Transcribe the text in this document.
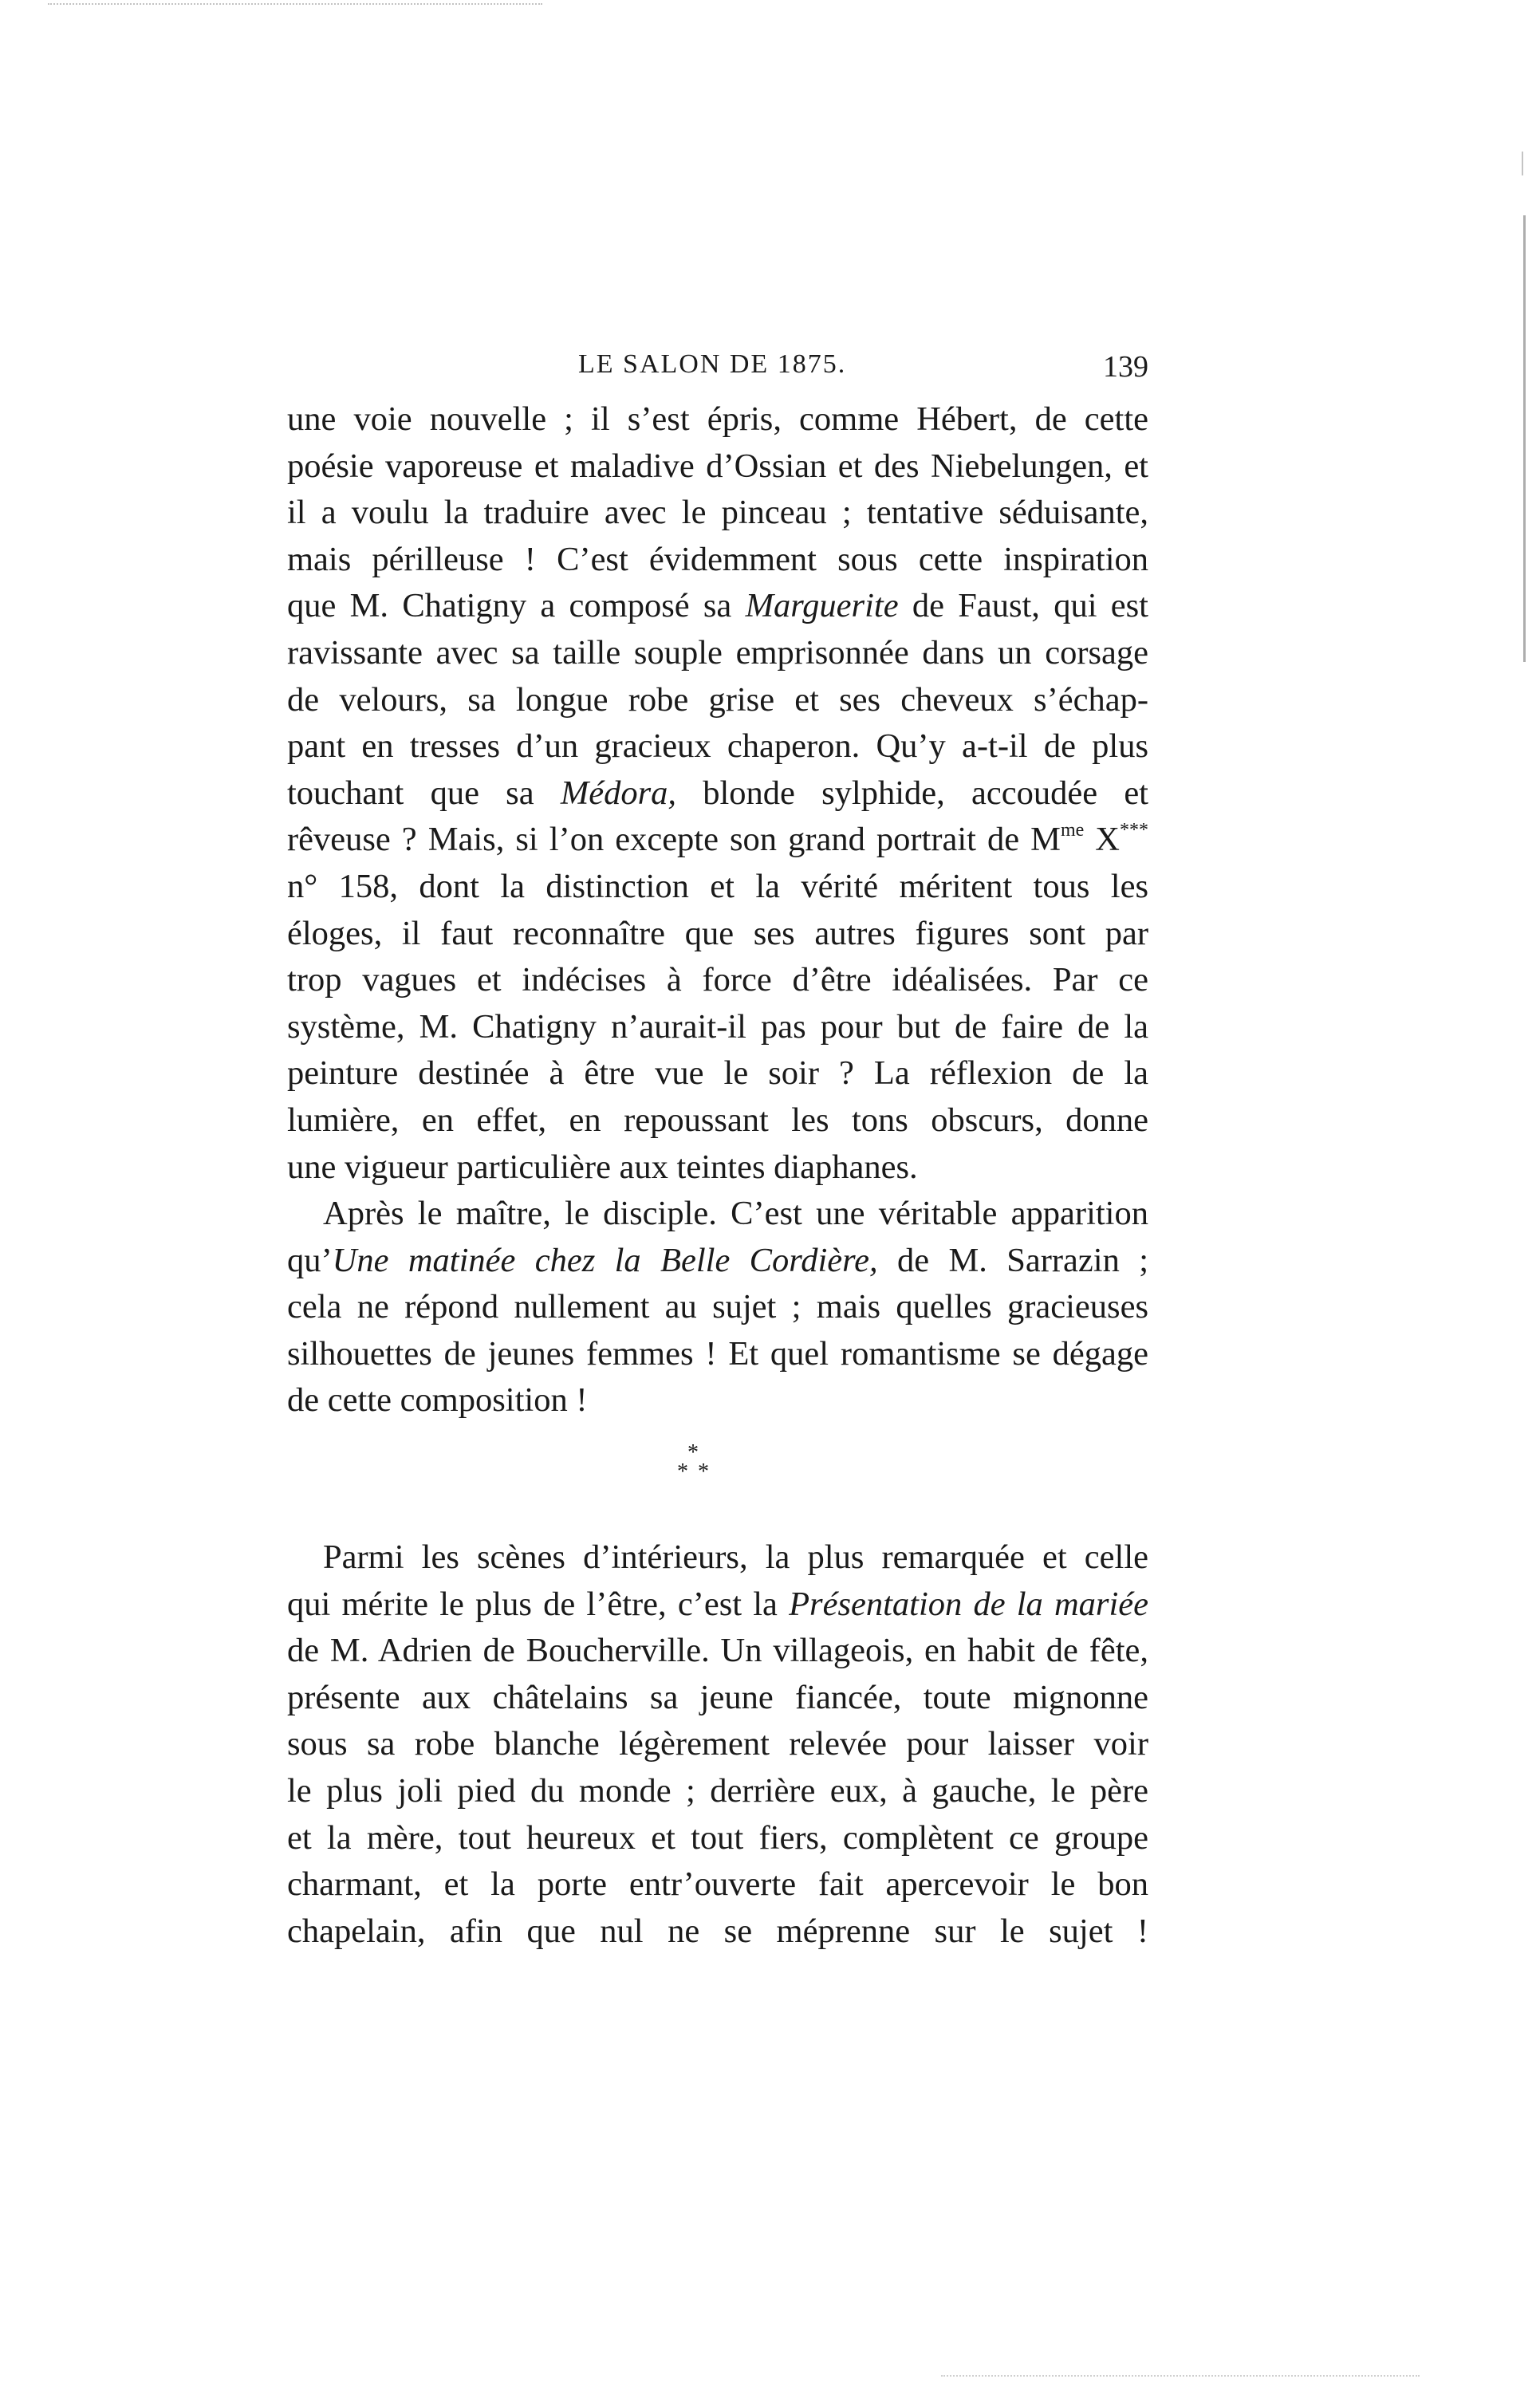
LE SALON DE 1875.	139
une voie nouvelle ; il s’est épris, comme Hébert, de cette
poésie vaporeuse et maladive d’Ossian et des Niebelungen, et
il a voulu la traduire avec le pinceau ; tentative séduisante,
mais périlleuse ! C’est évidemment sous cette inspiration
que M. Chatigny a composé sa Marguerite de Faust, qui est
ravissante avec sa taille souple emprisonnée dans un corsage
de velours, sa longue robe grise et ses cheveux s’échap-
pant en tresses d’un gracieux chaperon. Qu’y a-t-il de plus
touchant que sa Médora, blonde sylphide, accoudée et
rêveuse ? Mais, si l’on excepte son grand portrait de $M^{me}$ X***
n° 158, dont la distinction et la vérité méritent tous les
éloges, il faut reconnaître que ses autres figures sont par
trop vagues et indécises à force d’être idéalisées. Par ce
système, M. Chatigny n’aurait-il pas pour but de faire de la
peinture destinée à être vue le soir ? La réflexion de la
lumière, en effet, en repoussant les tons obscurs, donne
une vigueur particulière aux teintes diaphanes.
Après le maître, le disciple. C’est une véritable apparition
qu’Une matinée chez la Belle Cordière, de M. Sarrazin ;
cela ne répond nullement au sujet ; mais quelles gracieuses
silhouettes de jeunes femmes ! Et quel romantisme se dégage
de cette composition !
*
* *
Parmi les scènes d’intérieurs, la plus remarquée et celle
qui mérite le plus de l’être, c’est la Présentation de la mariée
de M. Adrien de Boucherville. Un villageois, en habit de fête,
présente aux châtelains sa jeune fiancée, toute mignonne
sous sa robe blanche légèrement relevée pour laisser voir
le plus joli pied du monde ; derrière eux, à gauche, le père
et la mère, tout heureux et tout fiers, complètent ce groupe
charmant, et la porte entr’ouverte fait apercevoir le bon
chapelain, afin que nul ne se méprenne sur le sujet !
